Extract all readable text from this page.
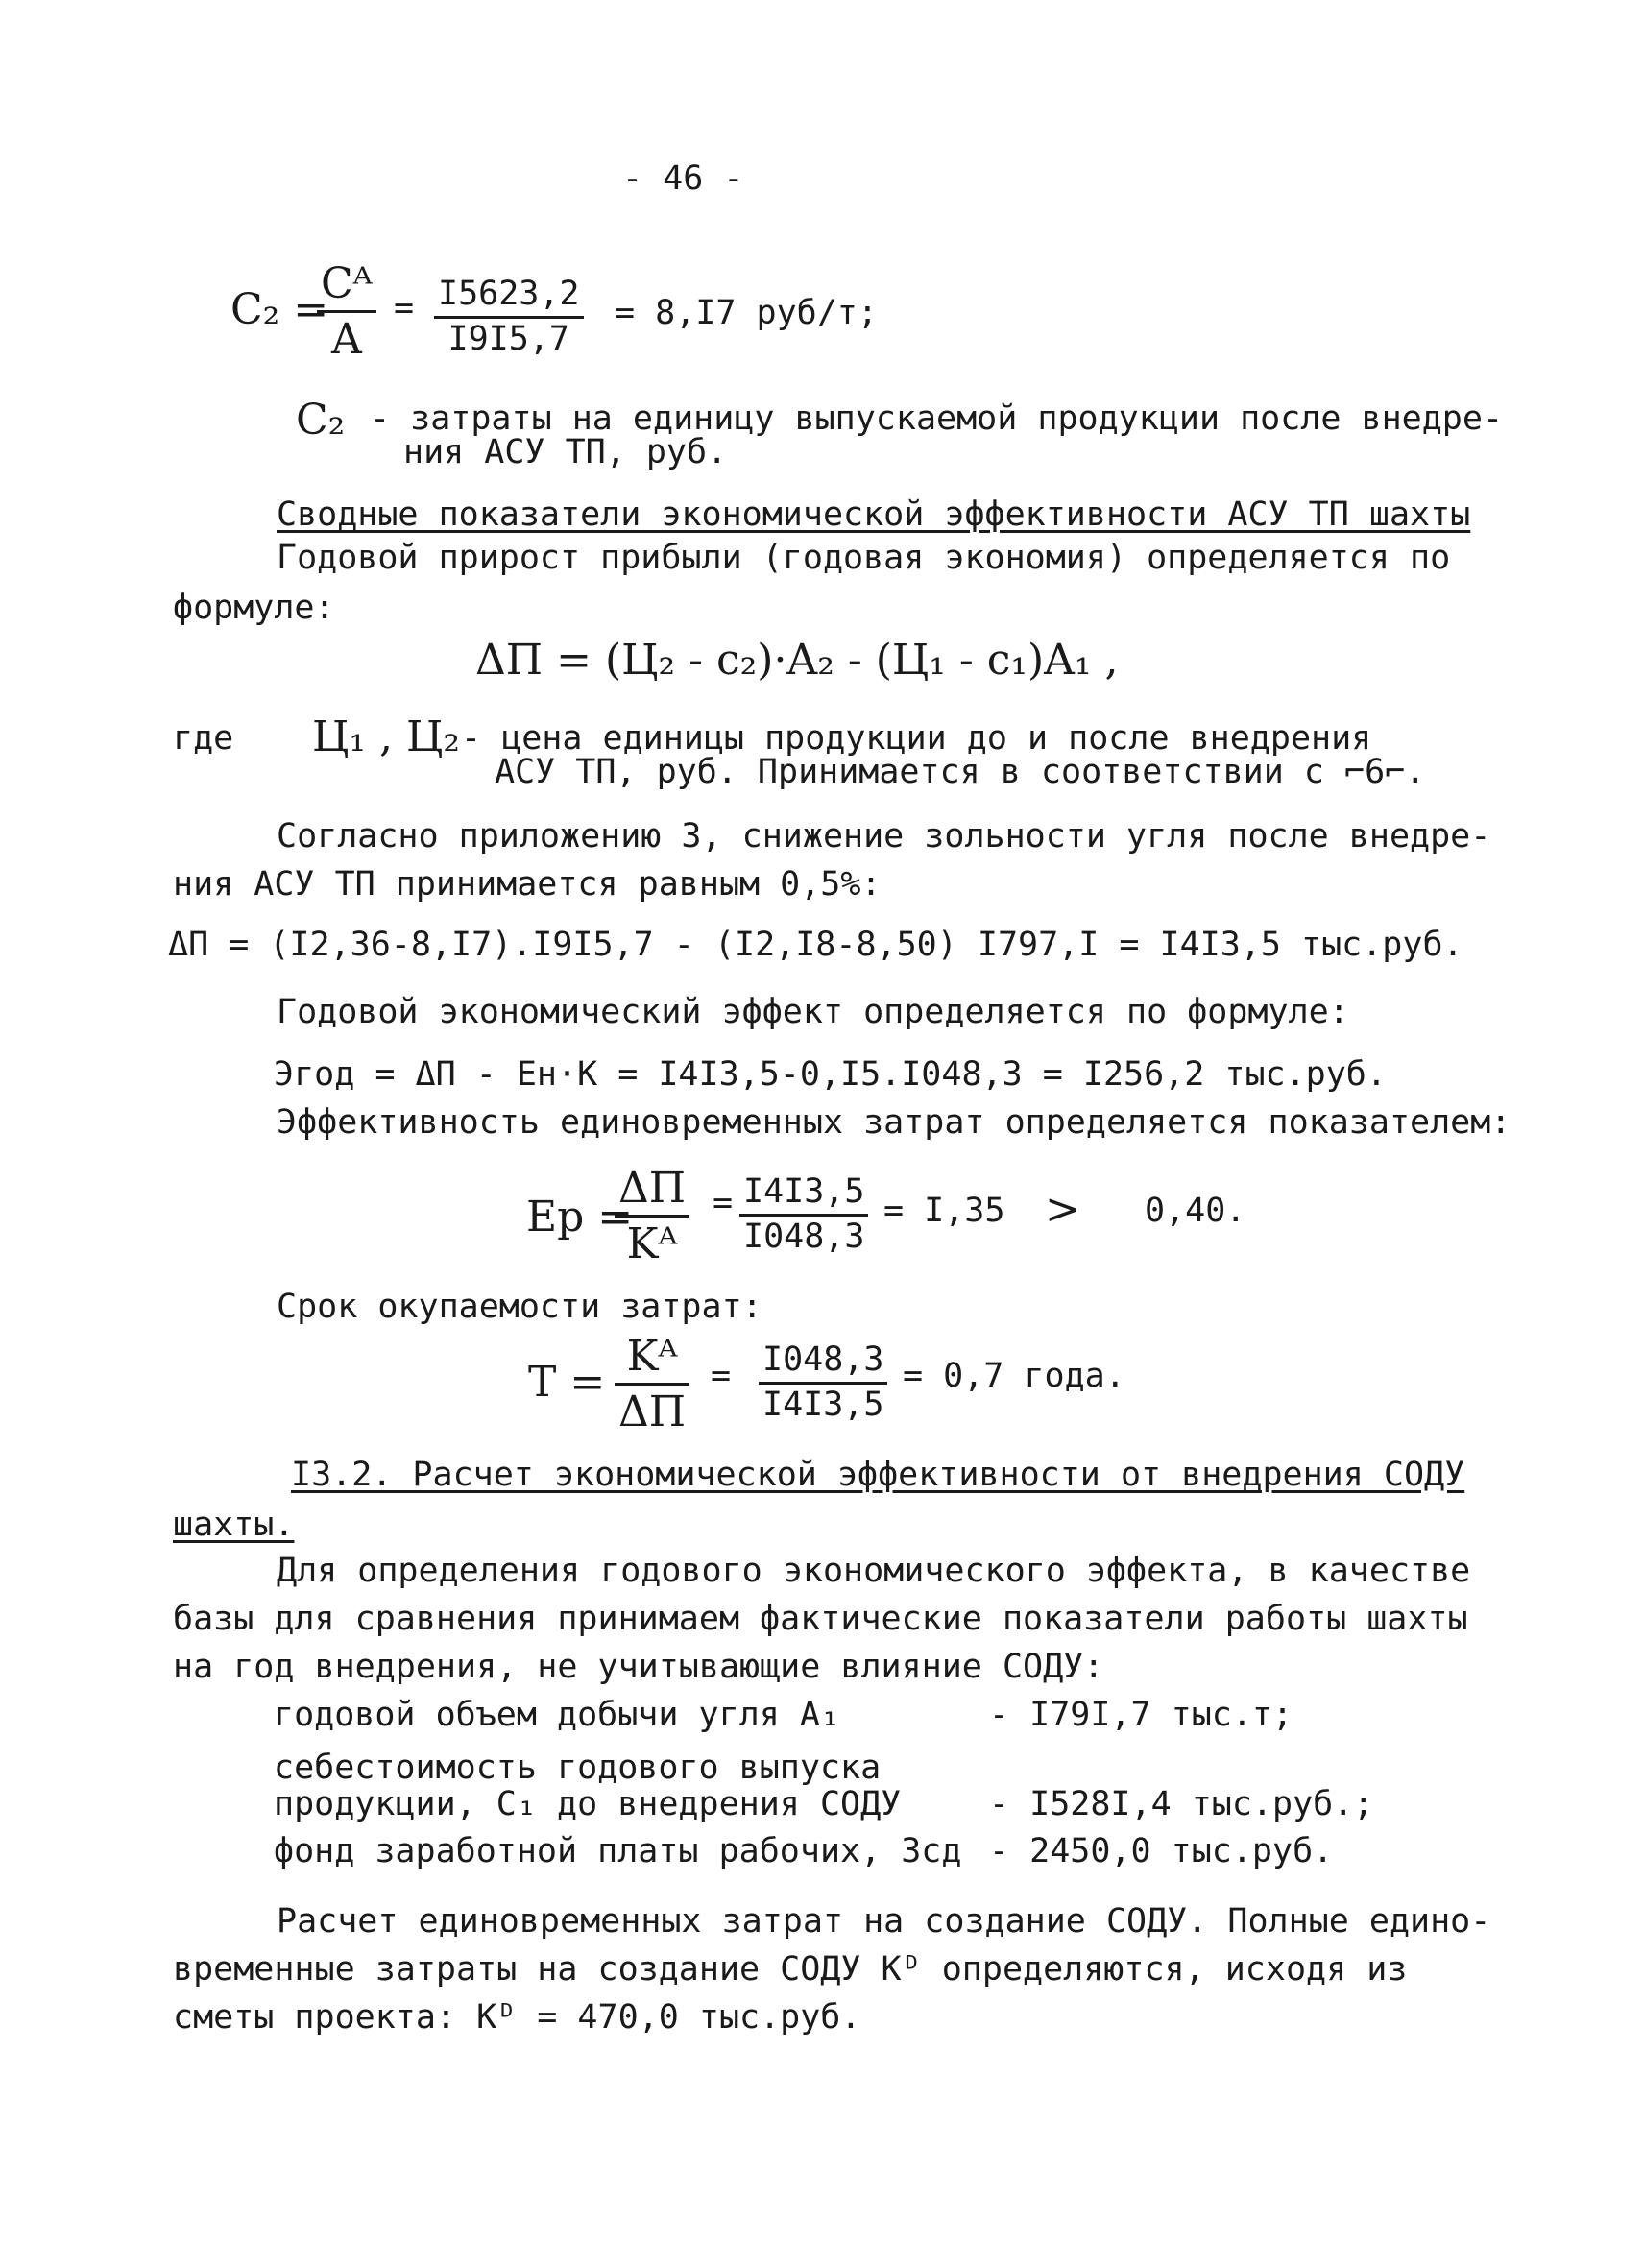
- 46 -
C₂ =
$\frac{\text{Cᴬ}}{A} = \frac{I5623,2}{I9I5,7} = 8,I7$ руб/т;
C₂ - затраты на единицу выпускаемой продукции после внедре-
ния АСУ ТП, руб.
Сводные показатели экономической эффективности АСУ ТП шахты
Годовой прирост прибыли (годовая экономия) определяется по
формуле:
ΔП = (Ц₂ - с₂)·A₂ - (Ц₁ - с₁)A₁ ,
где Ц₁ , Ц₂ - цена единицы продукции до и после внедрения
АСУ ТП, руб. Принимается в соответствии с ⌐6⌐.
Согласно приложению 3, снижение зольности угля после внедре-
ния АСУ ТП принимается равным 0,5%:
ΔП = (I2,36-8,I7).I9I5,7 - (I2,I8-8,50) I797,I = I4I3,5 тыс.руб.
Годовой экономический эффект определяется по формуле:
Эгод = ΔП - Eн·К = I4I3,5-0,I5.I048,3 = I256,2 тыс.руб.
Эффективность единовременных затрат определяется показателем:
Eр =
ΔП
Kᴬ
= $\frac{I4I3,5}{I048,3} = I,35 > 0,40$.
Срок окупаемости затрат:
T =
Kᴬ
ΔП
= $\frac{I048,3}{I4I3,5} = 0,7$ года.
I3.2. Расчет экономической эффективности от внедрения СОДУ
шахты.
Для определения годового экономического эффекта, в качестве
базы для сравнения принимаем фактические показатели работы шахты
на год внедрения, не учитывающие влияние СОДУ:
годовой объем добычи угля A₁	- I79I,7 тыс.т;
себестоимость годового выпуска
продукции, C₁ до внедрения СОДУ	- I528I,4 тыс.руб.;
фонд заработной платы рабочих, Зсд - 2450,0 тыс.руб.
Расчет единовременных затрат на создание СОДУ. Полные едино-
временные затраты на создание СОДУ Kᴰ определяются, исходя из
сметы проекта: Kᴰ = 470,0 тыс.руб.
